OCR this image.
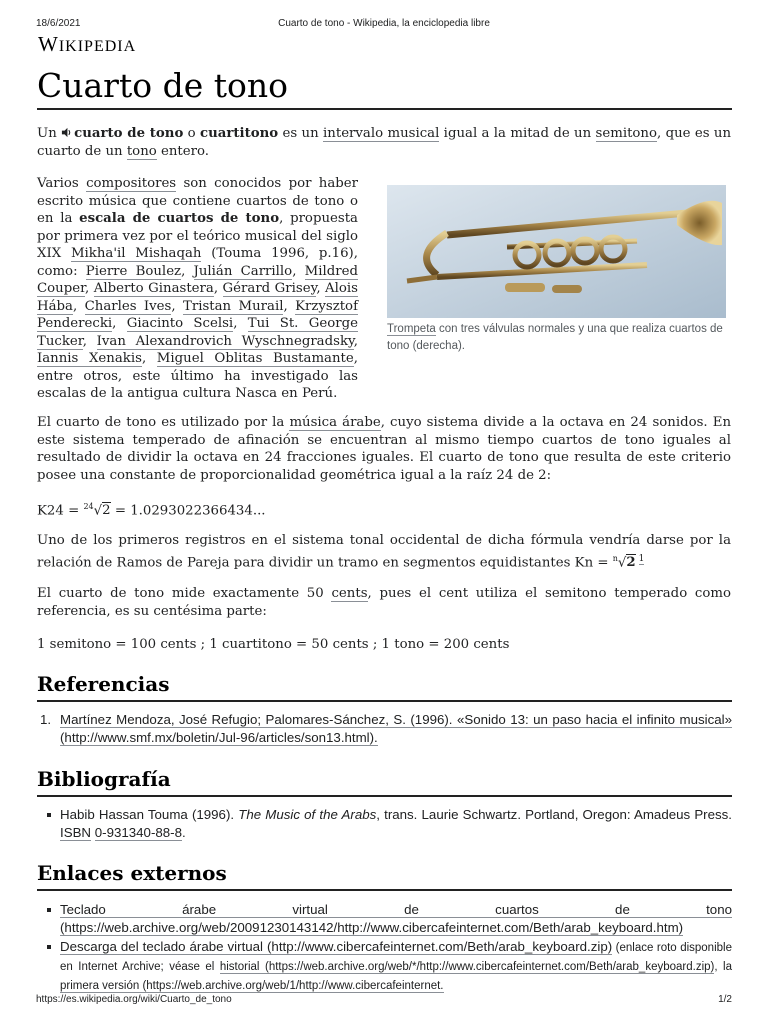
18/6/2021	Cuarto de tono - Wikipedia, la enciclopedia libre
WIKIPEDIA
Cuarto de tono
Un cuarto de tono o cuartitono es un intervalo musical igual a la mitad de un semitono, que es un cuarto de un tono entero.
Varios compositores son conocidos por haber escrito música que contiene cuartos de tono o en la escala de cuartos de tono, propuesta por primera vez por el teórico musical del siglo XIX Mikha'il Mishaqah (Touma 1996, p.16), como: Pierre Boulez, Julián Carrillo, Mildred Couper, Alberto Ginastera, Gérard Grisey, Alois Hába, Charles Ives, Tristan Murail, Krzysztof Penderecki, Giacinto Scelsi, Tui St. George Tucker, Ivan Alexandrovich Wyschnegradsky, Iannis Xenakis, Miguel Oblitas Bustamante, entre otros, este último ha investigado las escalas de la antigua cultura Nasca en Perú.
Trompeta con tres válvulas normales y una que realiza cuartos de tono (derecha).
El cuarto de tono es utilizado por la música árabe, cuyo sistema divide a la octava en 24 sonidos. En este sistema temperado de afinación se encuentran al mismo tiempo cuartos de tono iguales al resultado de dividir la octava en 24 fracciones iguales. El cuarto de tono que resulta de este criterio posee una constante de proporcionalidad geométrica igual a la raíz 24 de 2:
K24 = $^{24}$√2 = 1.0293022366434...
Uno de los primeros registros en el sistema tonal occidental de dicha fórmula vendría darse por la relación de Ramos de Pareja para dividir un tramo en segmentos equidistantes Kn = $^n$√2 $^1$
El cuarto de tono mide exactamente 50 cents, pues el cent utiliza el semitono temperado como referencia, es su centésima parte:
1 semitono = 100 cents ; 1 cuartitono = 50 cents ; 1 tono = 200 cents
Referencias
1. Martínez Mendoza, José Refugio; Palomares-Sánchez, S. (1996). «Sonido 13: un paso hacia el infinito musical» (http://www.smf.mx/boletin/Jul-96/articles/son13.html).
Bibliografía
Habib Hassan Touma (1996). The Music of the Arabs, trans. Laurie Schwartz. Portland, Oregon: Amadeus Press. ISBN 0-931340-88-8.
Enlaces externos
Teclado árabe virtual de cuartos de tono (https://web.archive.org/web/20091230143142/http://www.cibercafeinternet.com/Beth/arab_keyboard.htm)
Descarga del teclado árabe virtual (http://www.cibercafeinternet.com/Beth/arab_keyboard.zip) (enlace roto disponible en Internet Archive; véase el historial (https://web.archive.org/web/*/http://www.cibercafeinternet.com/Beth/arab_keyboard.zip), la primera versión (https://web.archive.org/web/1/http://www.cibercafeinternet.
https://es.wikipedia.org/wiki/Cuarto_de_tono	1/2
